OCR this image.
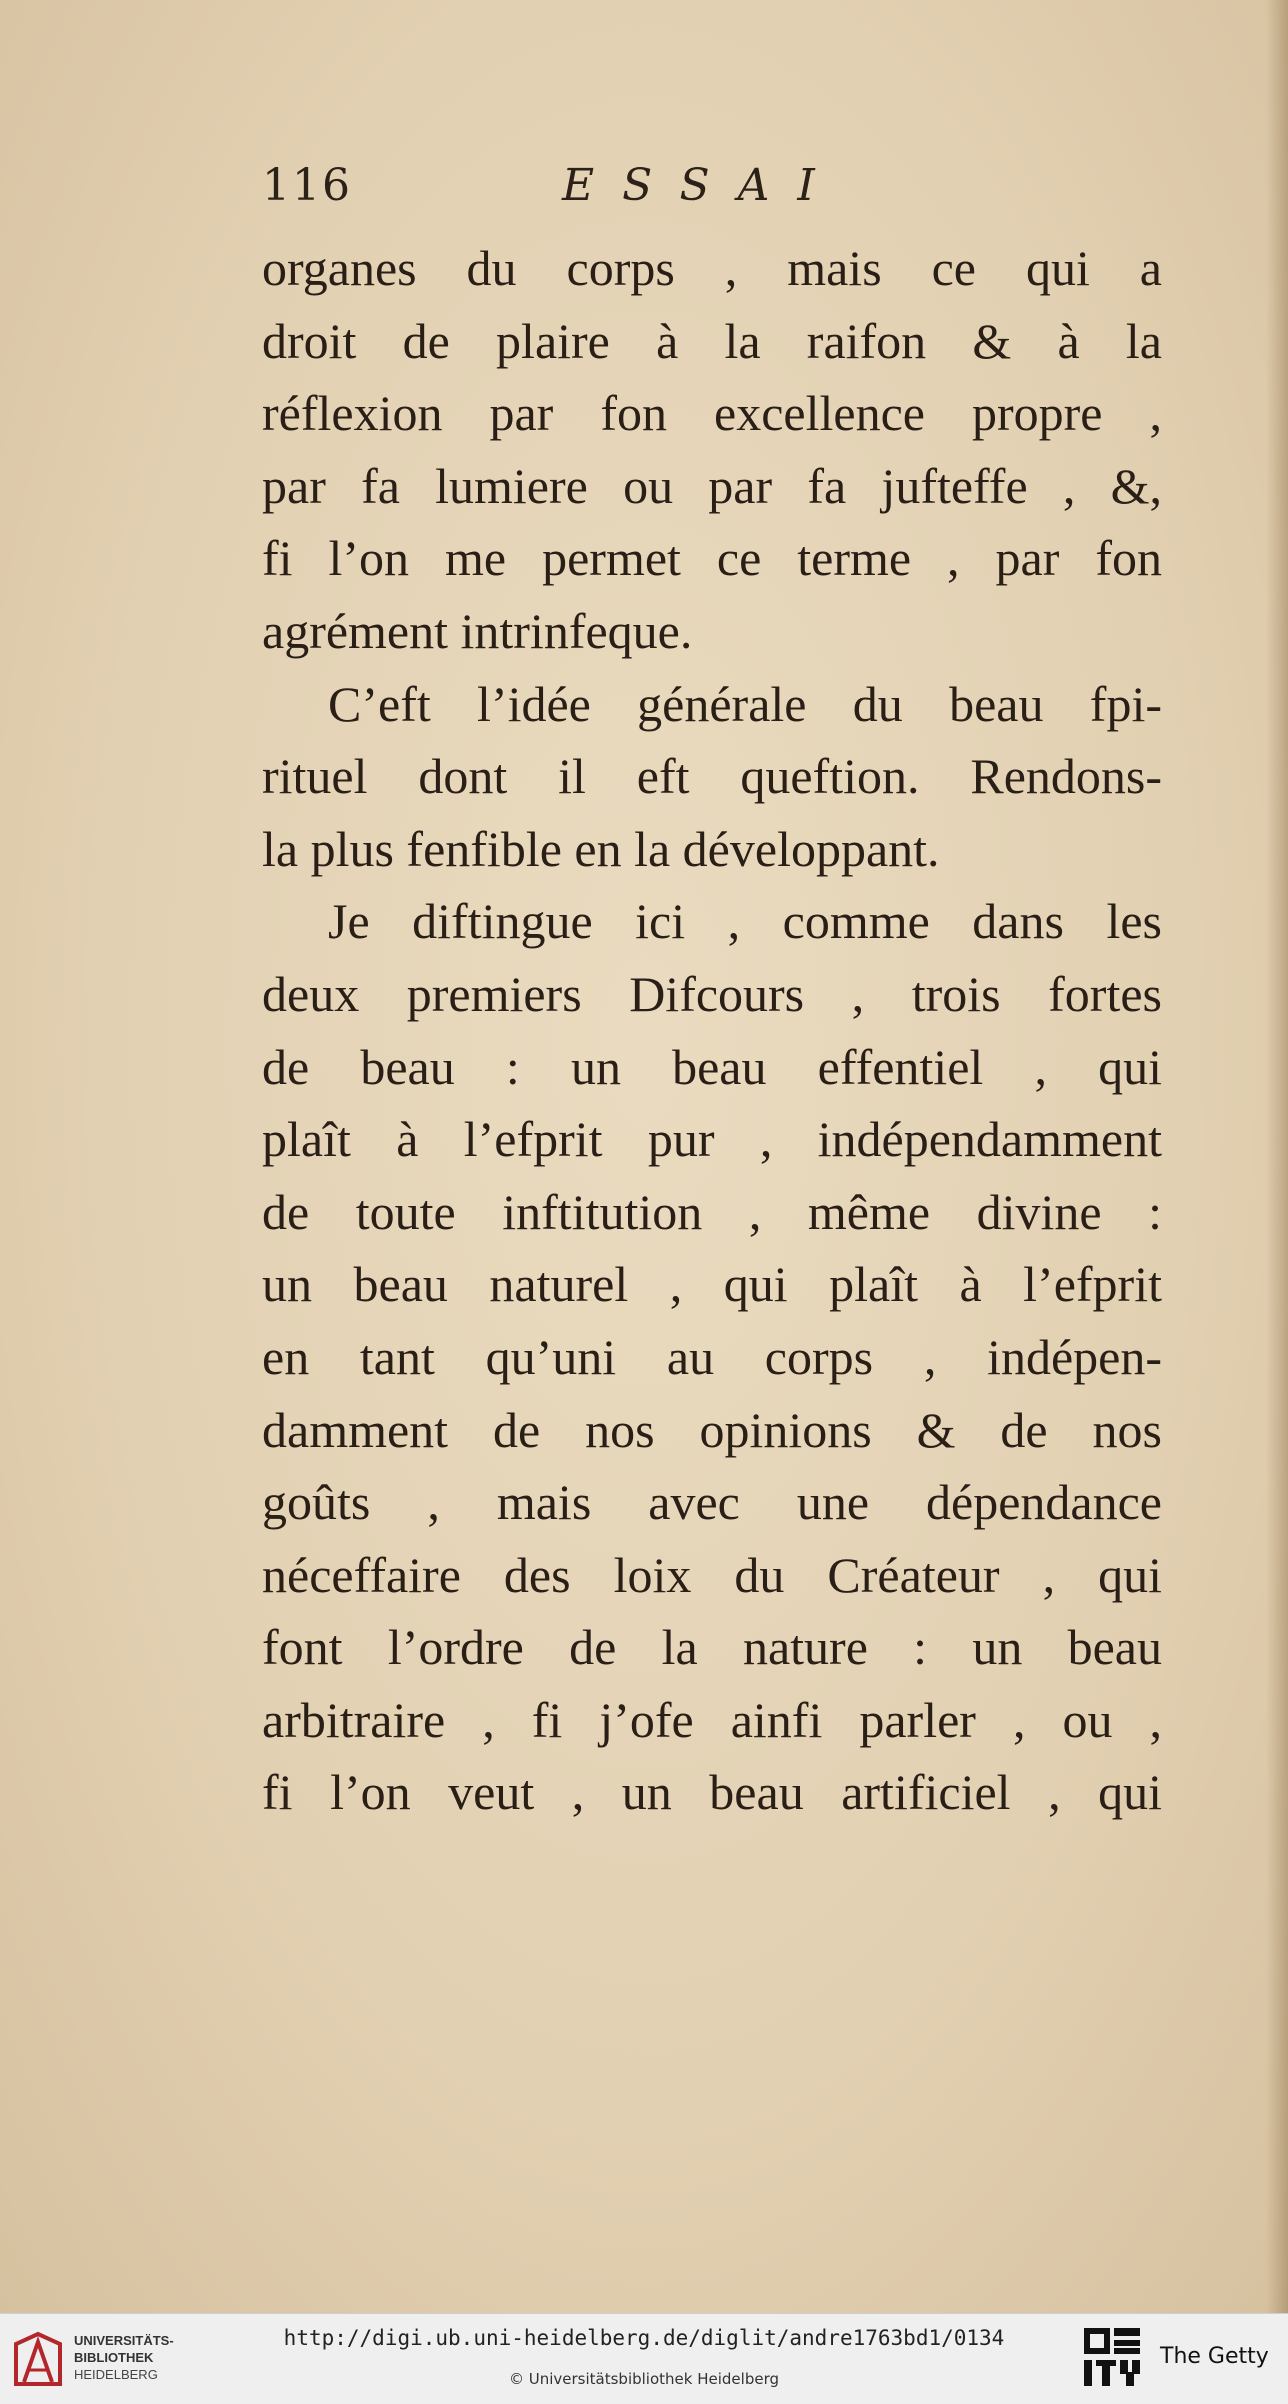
116	ESSAI
organes du corps , mais ce qui a
droit de plaire à la raifon & à la
réflexion par fon excellence propre ,
par fa lumiere ou par fa jufteffe , &,
fi l’on me permet ce terme , par fon
agrément intrinfeque.
C’eft l’idée générale du beau fpi-
rituel dont il eft queftion. Rendons-
la plus fenfible en la développant.
Je diftingue ici , comme dans les
deux premiers Difcours , trois fortes
de beau : un beau effentiel , qui
plaît à l’efprit pur , indépendamment
de toute inftitution , même divine :
un beau naturel , qui plaît à l’efprit
en tant qu’uni au corps , indépen-
damment de nos opinions & de nos
goûts , mais avec une dépendance
néceffaire des loix du Créateur , qui
font l’ordre de la nature : un beau
arbitraire , fi j’ofe ainfi parler , ou ,
fi l’on veut , un beau artificiel , qui
UNIVERSITÄTS-
BIBLIOTHEK
HEIDELBERG
http://digi.ub.uni-heidelberg.de/diglit/andre1763bd1/0134
© Universitätsbibliothek Heidelberg
The Getty
